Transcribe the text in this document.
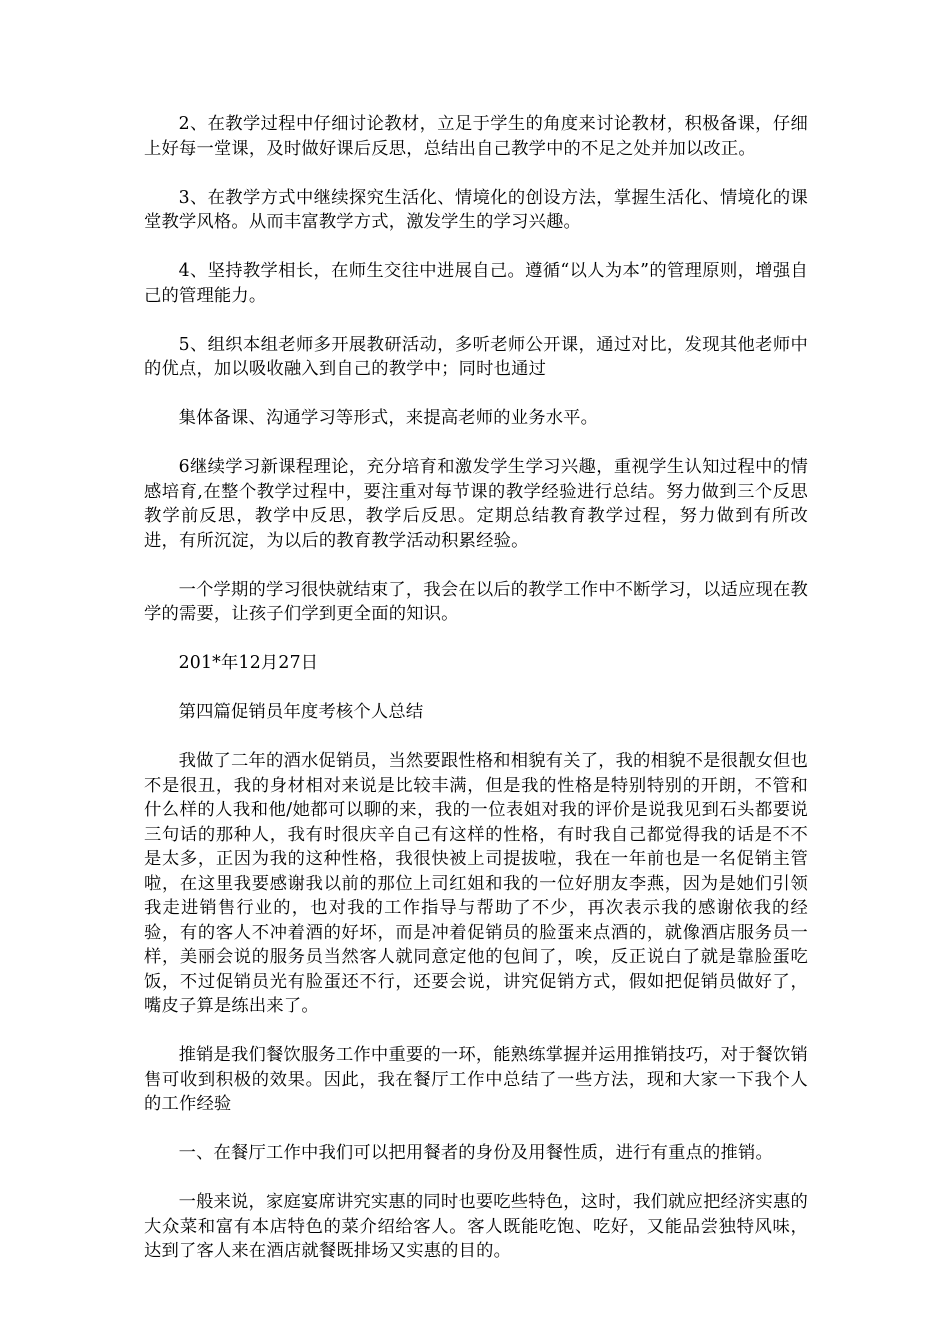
2、在教学过程中仔细讨论教材，立足于学生的角度来讨论教材，积极备课，仔细上好每一堂课，及时做好课后反思，总结出自己教学中的不足之处并加以改正。

3、在教学方式中继续探究生活化、情境化的创设方法，掌握生活化、情境化的课堂教学风格。从而丰富教学方式，激发学生的学习兴趣。

4、坚持教学相长，在师生交往中进展自己。遵循“以人为本”的管理原则，增强自己的管理能力。

5、组织本组老师多开展教研活动，多听老师公开课，通过对比，发现其他老师中的优点，加以吸收融入到自己的教学中；同时也通过

集体备课、沟通学习等形式，来提高老师的业务水平。

6继续学习新课程理论，充分培育和激发学生学习兴趣，重视学生认知过程中的情感培育,在整个教学过程中，要注重对每节课的教学经验进行总结。努力做到三个反思教学前反思，教学中反思，教学后反思。定期总结教育教学过程，努力做到有所改进，有所沉淀，为以后的教育教学活动积累经验。

一个学期的学习很快就结束了，我会在以后的教学工作中不断学习，以适应现在教学的需要，让孩子们学到更全面的知识。

201*年12月27日

第四篇促销员年度考核个人总结

我做了二年的酒水促销员，当然要跟性格和相貌有关了，我的相貌不是很靓女但也不是很丑，我的身材相对来说是比较丰满，但是我的性格是特别特别的开朗，不管和什么样的人我和他/她都可以聊的来，我的一位表姐对我的评价是说我见到石头都要说三句话的那种人，我有时很庆辛自己有这样的性格，有时我自己都觉得我的话是不不是太多，正因为我的这种性格，我很快被上司提拔啦，我在一年前也是一名促销主管啦，在这里我要感谢我以前的那位上司红姐和我的一位好朋友李燕，因为是她们引领我走进销售行业的，也对我的工作指导与帮助了不少，再次表示我的感谢依我的经验，有的客人不冲着酒的好坏，而是冲着促销员的脸蛋来点酒的，就像酒店服务员一样，美丽会说的服务员当然客人就同意定他的包间了，唉，反正说白了就是靠脸蛋吃饭，不过促销员光有脸蛋还不行，还要会说，讲究促销方式，假如把促销员做好了，嘴皮子算是练出来了。

推销是我们餐饮服务工作中重要的一环，能熟练掌握并运用推销技巧，对于餐饮销售可收到积极的效果。因此，我在餐厅工作中总结了一些方法，现和大家一下我个人的工作经验

一、在餐厅工作中我们可以把用餐者的身份及用餐性质，进行有重点的推销。

一般来说，家庭宴席讲究实惠的同时也要吃些特色，这时，我们就应把经济实惠的大众菜和富有本店特色的菜介绍给客人。客人既能吃饱、吃好，又能品尝独特风味，达到了客人来在酒店就餐既排场又实惠的目的。
